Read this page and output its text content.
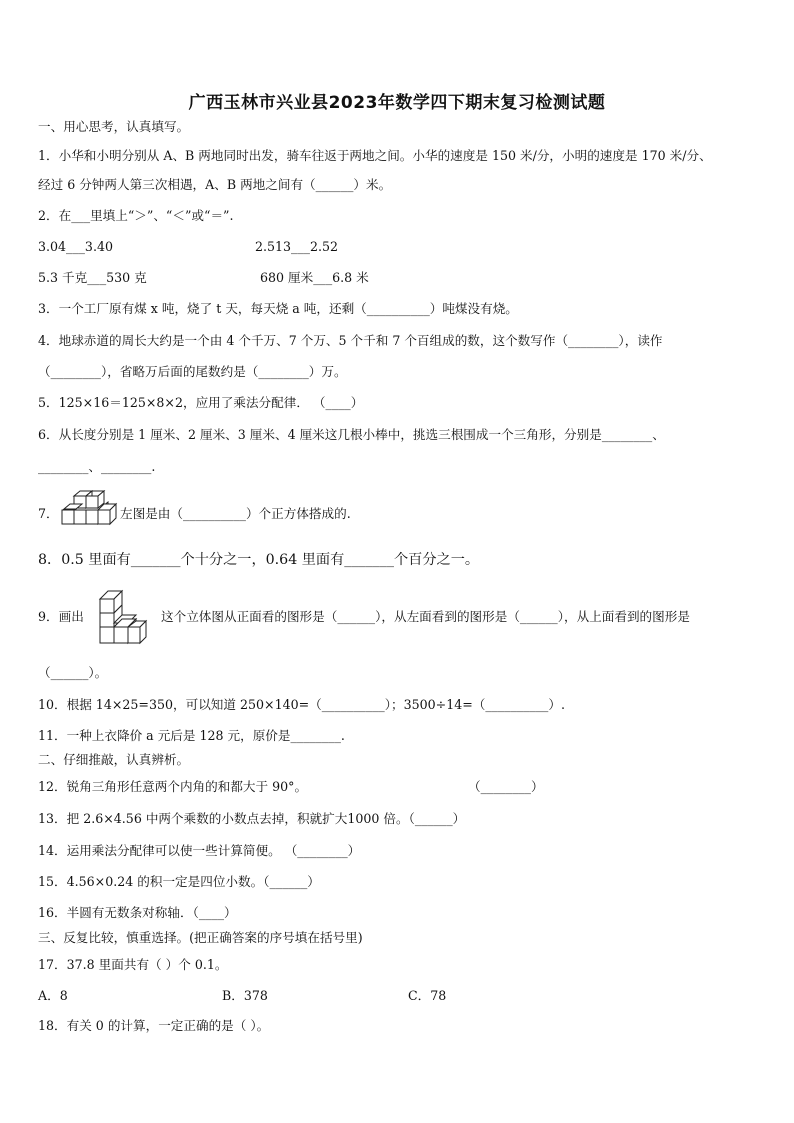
广西玉林市兴业县2023年数学四下期末复习检测试题
一、用心思考，认真填写。
1．小华和小明分别从 A、B 两地同时出发，骑车往返于两地之间。小华的速度是 150 米/分，小明的速度是 170 米/分、
经过 6 分钟两人第三次相遇，A、B 两地之间有（______）米。
2．在___里填上“＞”、“＜”或“＝”.
3.04___3.40	2.513___2.52
5.3 千克___530 克	680 厘米___6.8 米
3．一个工厂原有煤 x 吨，烧了 t 天，每天烧 a 吨，还剩（__________）吨煤没有烧。
4．地球赤道的周长大约是一个由 4 个千万、7 个万、5 个千和 7 个百组成的数，这个数写作（________），读作
（________），省略万后面的尾数约是（________）万。
5．125×16＝125×8×2，应用了乘法分配律． （____）
6．从长度分别是 1 厘米、2 厘米、3 厘米、4 厘米这几根小棒中，挑选三根围成一个三角形，分别是________、
________、________.
7．	左图是由（__________）个正方体搭成的.
8．0.5 里面有_______个十分之一，0.64 里面有_______个百分之一。
9．画出	这个立体图从正面看的图形是（______），从左面看到的图形是（______），从上面看到的图形是
（______）。
10．根据 14×25=350，可以知道 250×140=（__________）；3500÷14=（__________）.
11．一种上衣降价 a 元后是 128 元，原价是________.
二、仔细推敲，认真辨析。
12．锐角三角形任意两个内角的和都大于 90°。	（________）
13．把 2.6×4.56 中两个乘数的小数点去掉，积就扩大1000 倍。（______）
14．运用乘法分配律可以使一些计算简便。 （________）
15．4.56×0.24 的积一定是四位小数。（______）
16．半圆有无数条对称轴．（____）
三、反复比较，慎重选择。(把正确答案的序号填在括号里)
17．37.8 里面共有（ ）个 0.1。
A．8	B．378	C．78
18．有关 0 的计算，一定正确的是（ ）。
